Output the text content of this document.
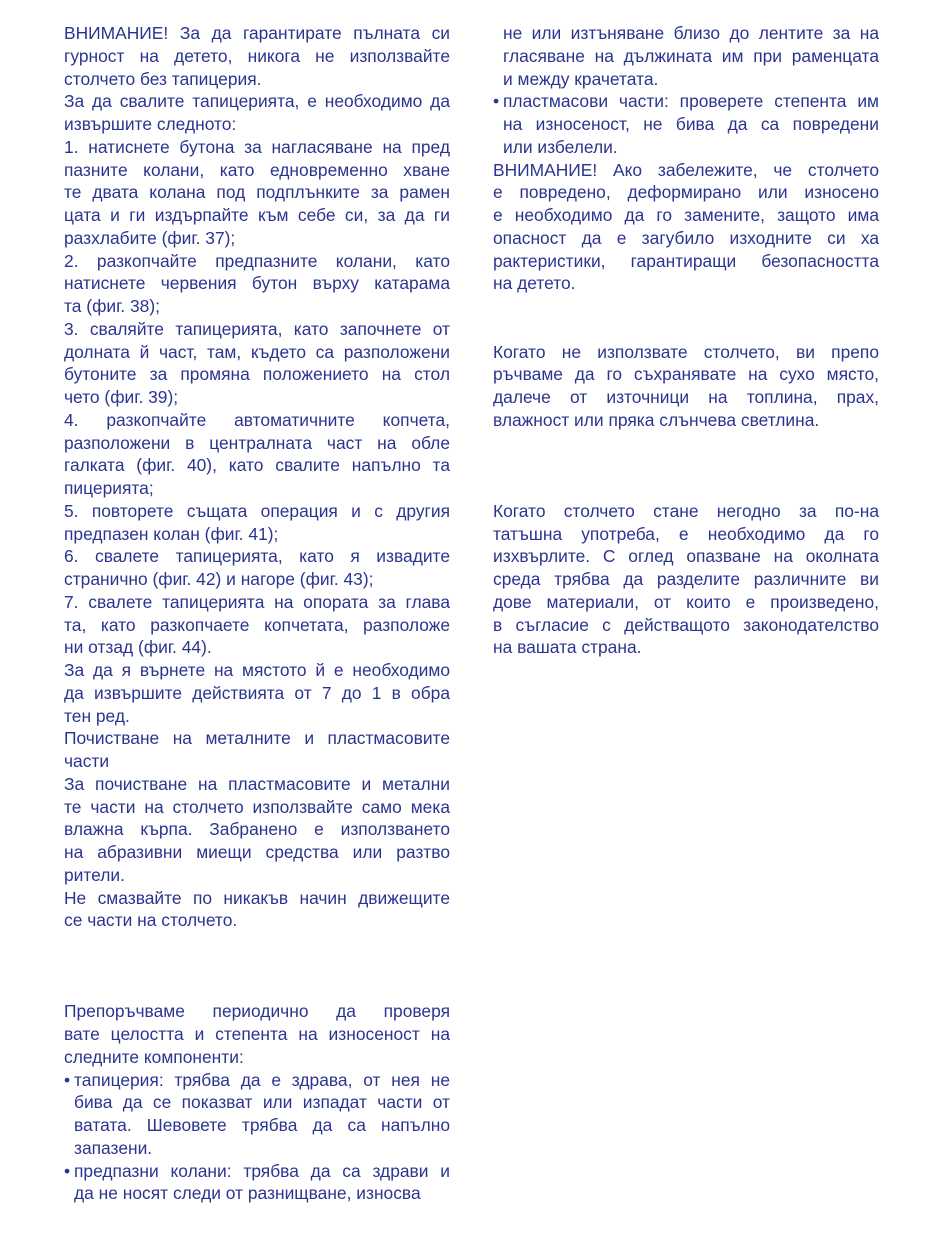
ВНИМАНИЕ! За да гарантирате пълната си
гурност на детето, никога не използвайте
столчето без тапицерия.
За да свалите тапицерията, е необходимо да
извършите следното:
1. натиснете бутона за нагласяване на пред
пазните колани, като едновременно хване
те двата колана под подплънките за рамен
цата и ги издърпайте към себе си, за да ги
разхлабите (фиг. 37);
2. разкопчайте предпазните колани, като
натиснете червения бутон върху катарама
та (фиг. 38);
3. сваляйте тапицерията, като започнете от
долната й част, там, където са разположени
бутоните за промяна положението на стол
чето (фиг. 39);
4. разкопчайте автоматичните копчета,
разположени в централната част на обле
галката (фиг. 40), като свалите напълно та
пицерията;
5. повторете същата операция и с другия
предпазен колан (фиг. 41);
6. свалете тапицерията, като я извадите
странично (фиг. 42) и нагоре (фиг. 43);
7. свалете тапицерията на опората за глава
та, като разкопчаете копчетата, разположе
ни отзад (фиг. 44).
За да я върнете на мястото й е необходимо
да извършите действията от 7 до 1 в обра
тен ред.
Почистване на металните и пластмасовите
части
За почистване на пластмасовите и метални
те части на столчето използвайте само мека
влажна кърпа. Забранено е използването
на абразивни миещи средства или разтво
рители.
Не смазвайте по никакъв начин движещите
се части на столчето.
Препоръчваме периодично да проверя
вате целостта и степента на износеност на
следните компоненти:
• тапицерия: трябва да е здрава, от нея не
бива да се показват или изпадат части от
ватата. Шевовете трябва да са напълно
запазени.
• предпазни колани: трябва да са здрави и
да не носят следи от разнищване, износва
не или изтъняване близо до лентите за на
гласяване на дължината им при раменцата
и между крачетата.
• пластмасови части: проверете степента им
на износеност, не бива да са повредени
или избелели.
ВНИМАНИЕ! Ако забележите, че столчето
е повредено, деформирано или износено
е необходимо да го замените, защото има
опасност да е загубило изходните си ха
рактеристики, гарантиращи безопасността
на детето.
Когато не използвате столчето, ви препо
ръчваме да го съхранявате на сухо място,
далече от източници на топлина, прах,
влажност или пряка слънчева светлина.
Когато столчето стане негодно за по-на
татъшна употреба, е необходимо да го
изхвърлите. С оглед опазване на околната
среда трябва да разделите различните ви
дове материали, от които е произведено,
в съгласие с действащото законодателство
на вашата страна.
